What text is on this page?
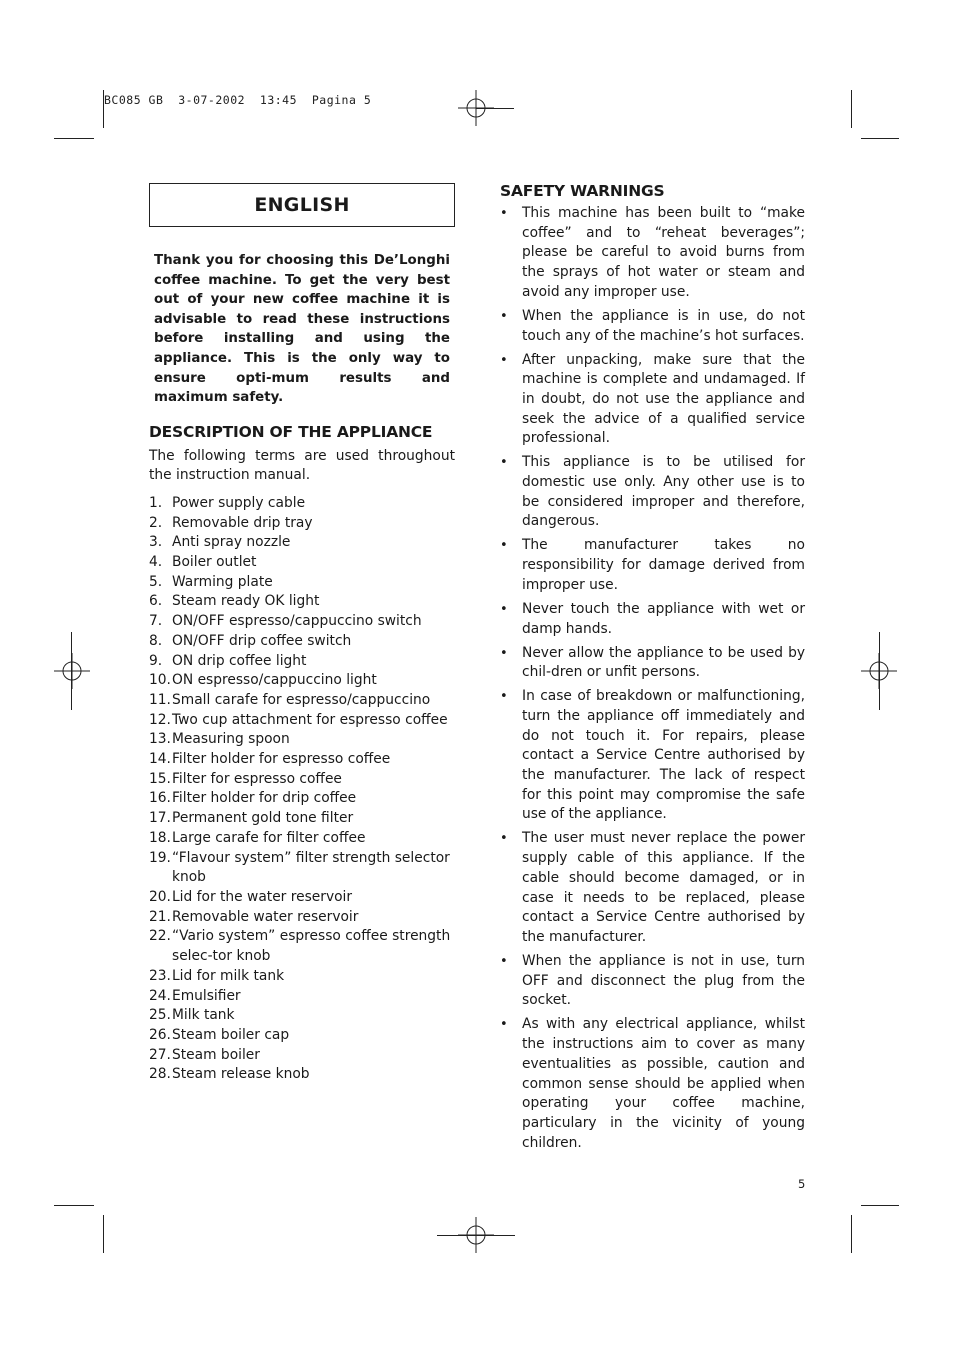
BC085 GB  3-07-2002  13:45  Pagina 5
ENGLISH
Thank you for choosing this De’Longhi coffee machine. To get the very best out of your new coffee machine it is advisable to read these instructions before installing and using the appliance. This is the only way to ensure opti-mum results and maximum safety.
DESCRIPTION OF THE APPLIANCE
The following terms are used throughout the instruction manual.
1. Power supply cable
2. Removable drip tray
3. Anti spray nozzle
4. Boiler outlet
5. Warming plate
6. Steam ready OK light
7. ON/OFF espresso/cappuccino switch
8. ON/OFF drip coffee switch
9. ON drip coffee light
10. ON espresso/cappuccino light
11. Small carafe for espresso/cappuccino
12. Two cup attachment for espresso coffee
13. Measuring spoon
14. Filter holder for espresso coffee
15. Filter for espresso coffee
16. Filter holder for drip coffee
17. Permanent gold tone filter
18. Large carafe for filter coffee
19. “Flavour system” filter strength selector knob
20. Lid for the water reservoir
21. Removable water reservoir
22. “Vario system” espresso coffee strength selec-tor knob
23. Lid for milk tank
24. Emulsifier
25. Milk tank
26. Steam boiler cap
27. Steam boiler
28. Steam release knob
SAFETY WARNINGS
•	This machine has been built to “make coffee” and to “reheat beverages”; please be careful to avoid burns from the sprays of hot water or steam and avoid any improper use.
•	When the appliance is in use, do not touch any of the machine’s hot surfaces.
•	After unpacking, make sure that the machine is complete and undamaged. If in doubt, do not use the appliance and seek the advice of a qualified service professional.
•	This appliance is to be utilised for domestic use only. Any other use is to be considered improper and therefore, dangerous.
•	The manufacturer takes no responsibility for damage derived from improper use.
•	Never touch the appliance with wet or damp hands.
•	Never allow the appliance to be used by chil-dren or unfit persons.
•	In case of breakdown or malfunctioning, turn the appliance off immediately and do not touch it. For repairs, please contact a Service Centre authorised by the manufacturer. The lack of respect for this point may compromise the safe use of the appliance.
•	The user must never replace the power supply cable of this appliance. If the cable should become damaged, or in case it needs to be replaced, please contact a Service Centre authorised by the manufacturer.
•	When the appliance is not in use, turn OFF and disconnect the plug from the socket.
•	As with any electrical appliance, whilst the instructions aim to cover as many eventualities as possible, caution and common sense should be applied when operating your coffee machine, particulary in the vicinity of young children.
5
